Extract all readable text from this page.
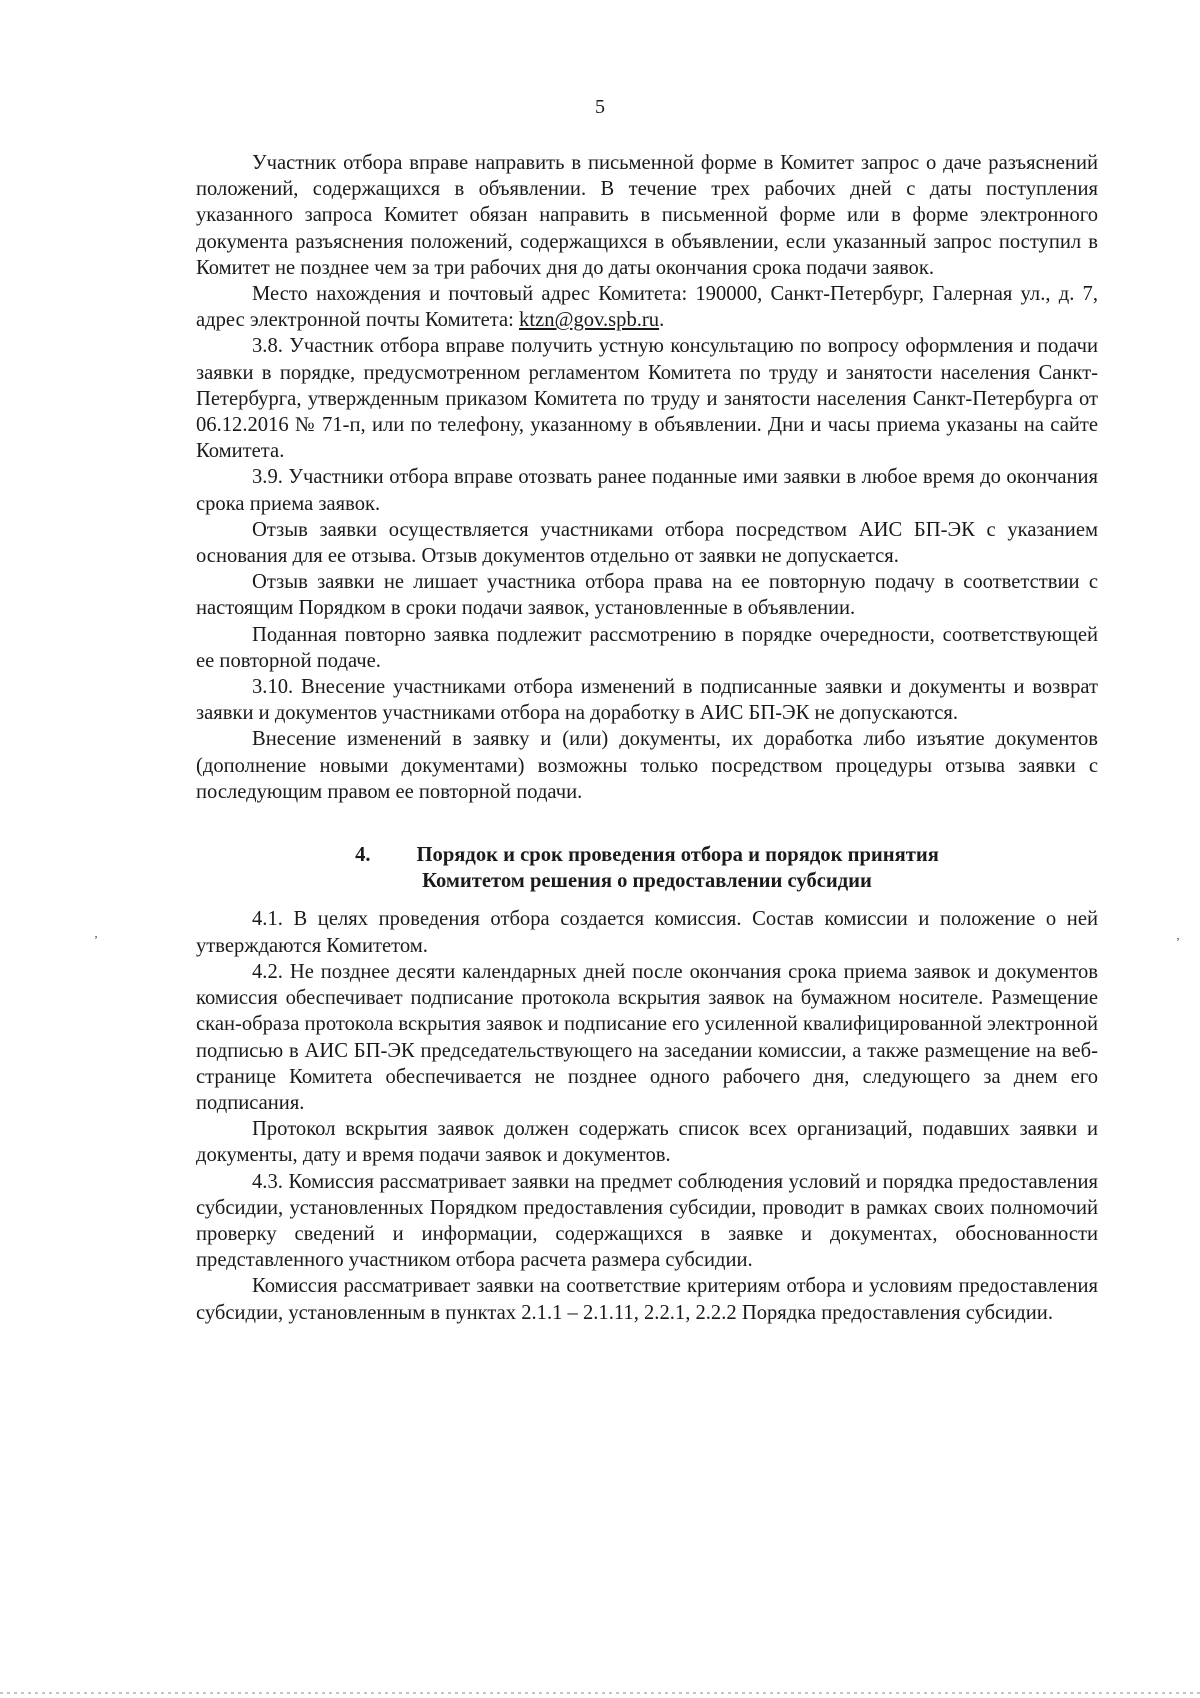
5

Участник отбора вправе направить в письменной форме в Комитет запрос о даче разъяснений положений, содержащихся в объявлении. В течение трех рабочих дней с даты поступления указанного запроса Комитет обязан направить в письменной форме или в форме электронного документа разъяснения положений, содержащихся в объявлении, если указанный запрос поступил в Комитет не позднее чем за три рабочих дня до даты окончания срока подачи заявок.

Место нахождения и почтовый адрес Комитета: 190000, Санкт-Петербург, Галерная ул., д. 7, адрес электронной почты Комитета: ktzn@gov.spb.ru.

3.8. Участник отбора вправе получить устную консультацию по вопросу оформления и подачи заявки в порядке, предусмотренном регламентом Комитета по труду и занятости населения Санкт-Петербурга, утвержденным приказом Комитета по труду и занятости населения Санкт-Петербурга от 06.12.2016 № 71-п, или по телефону, указанному в объявлении. Дни и часы приема указаны на сайте Комитета.

3.9. Участники отбора вправе отозвать ранее поданные ими заявки в любое время до окончания срока приема заявок.

Отзыв заявки осуществляется участниками отбора посредством АИС БП-ЭК с указанием основания для ее отзыва. Отзыв документов отдельно от заявки не допускается.

Отзыв заявки не лишает участника отбора права на ее повторную подачу в соответствии с настоящим Порядком в сроки подачи заявок, установленные в объявлении.

Поданная повторно заявка подлежит рассмотрению в порядке очередности, соответствующей ее повторной подаче.

3.10. Внесение участниками отбора изменений в подписанные заявки и документы и возврат заявки и документов участниками отбора на доработку в АИС БП-ЭК не допускаются.

Внесение изменений в заявку и (или) документы, их доработка либо изъятие документов (дополнение новыми документами) возможны только посредством процедуры отзыва заявки с последующим правом ее повторной подачи.

4. Порядок и срок проведения отбора и порядок принятия
Комитетом решения о предоставлении субсидии

4.1. В целях проведения отбора создается комиссия. Состав комиссии и положение о ней утверждаются Комитетом.

4.2. Не позднее десяти календарных дней после окончания срока приема заявок и документов комиссия обеспечивает подписание протокола вскрытия заявок на бумажном носителе. Размещение скан-образа протокола вскрытия заявок и подписание его усиленной квалифицированной электронной подписью в АИС БП-ЭК председательствующего на заседании комиссии, а также размещение на веб-странице Комитета обеспечивается не позднее одного рабочего дня, следующего за днем его подписания.

Протокол вскрытия заявок должен содержать список всех организаций, подавших заявки и документы, дату и время подачи заявок и документов.

4.3. Комиссия рассматривает заявки на предмет соблюдения условий и порядка предоставления субсидии, установленных Порядком предоставления субсидии, проводит в рамках своих полномочий проверку сведений и информации, содержащихся в заявке и документах, обоснованности представленного участником отбора расчета размера субсидии.

Комиссия рассматривает заявки на соответствие критериям отбора и условиям предоставления субсидии, установленным в пунктах 2.1.1 – 2.1.11, 2.2.1, 2.2.2 Порядка предоставления субсидии.

‚	‚
